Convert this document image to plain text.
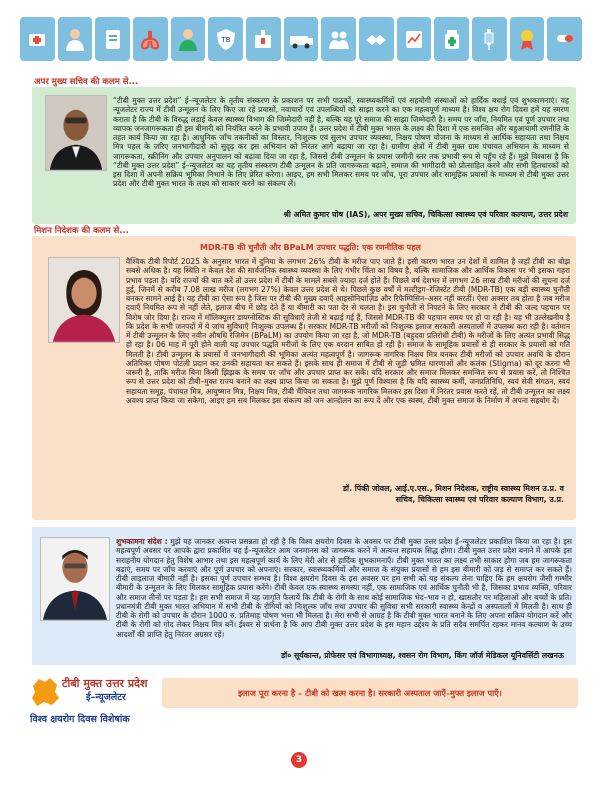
TB
अपर मुख्य सचिव की कलम से...
“टीबी मुक्त उत्तर प्रदेश” ई–न्यूजलेटर के तृतीय संस्करण के प्रकाशन पर सभी पाठकों, स्वास्थ्यकर्मियों एवं सहयोगी संस्थाओं को हार्दिक बधाई एवं शुभकामनाएं। यह न्यूजलेटर राज्य में टीबी उन्मूलन के लिए किए जा रहे प्रयासों, नवाचारों एवं उपलब्धियों को साझा करने का एक महत्वपूर्ण माध्यम है। विश्व क्षय रोग दिवस हमें यह स्मरण कराता है कि टीबी के विरुद्ध लड़ाई केवल स्वास्थ्य विभाग की जिम्मेदारी नहीं है, बल्कि यह पूरे समाज की साझा जिम्मेदारी है। समय पर जाँच, नियमित एवं पूर्ण उपचार तथा व्यापक जनजागरूकता ही इस बीमारी को नियंत्रित करने के प्रभावी उपाय हैं। उत्तर प्रदेश में टीबी मुक्त भारत के लक्ष्य की दिशा में एक समन्वित और बहुआयामी रणनीति के तहत कार्य किया जा रहा है। आधुनिक जाँच तकनीकों का विस्तार, निःशुल्क एवं सुलभ उपचार व्यवस्था, निक्षय पोषण योजना के माध्यम से आर्थिक सहायता तथा निक्षय मित्र पहल के जरिए जनभागीदारी को सुदृढ़ कर इस अभियान को निरंतर आगे बढ़ाया जा रहा है। ग्रामीण क्षेत्रों में टीबी मुक्त ग्राम पंचायत अभियान के माध्यम से जागरूकता, स्क्रीनिंग और उपचार अनुपालन को बढ़ावा दिया जा रहा है, जिससे टीबी उन्मूलन के प्रयास जमीनी स्तर तक प्रभावी रूप से पहुँच रहे हैं। मुझे विश्वास है कि “टीबी मुक्त उत्तर प्रदेश” ई–न्यूजलेटर का यह तृतीय संस्करण टीबी उन्मूलन के प्रति जागरूकता बढ़ाने, समाज की भागीदारी को प्रोत्साहित करने और सभी हितधारकों को इस दिशा में अपनी सक्रिय भूमिका निभाने के लिए प्रेरित करेगा। आइए, हम सभी मिलकर समय पर जाँच, पूरा उपचार और सामूहिक प्रयासों के माध्यम से टीबी मुक्त उत्तर प्रदेश और टीबी मुक्त भारत के लक्ष्य को साकार करने का संकल्प लें।
श्री अमित कुमार घोष (IAS), अपर मुख्य सचिव, चिकित्सा स्वास्थ्य एवं परिवार कल्याण, उत्तर प्रदेश
मिशन निदेशक की कलम से...
MDR-TB की चुनौती और BPaLM उपचार पद्धति: एक रणनीतिक पहल
वैश्विक टीबी रिपोर्ट 2025 के अनुसार भारत में दुनिया के लगभग 26% टीबी के मरीज पाए जाते हैं। इसी कारण भारत उन देशों में शामिल है जहाँ टीबी का बोझ सबसे अधिक है। यह स्थिति न केवल देश की सार्वजनिक स्वास्थ्य व्यवस्था के लिए गंभीर चिंता का विषय है, बल्कि सामाजिक और आर्थिक विकास पर भी इसका गहरा प्रभाव पड़ता है। यदि राज्यों की बात करें तो उत्तर प्रदेश में टीबी के मामले सबसे ज्यादा दर्ज होते हैं। पिछले वर्ष देशभर में लगभग 26 लाख टीबी मरीजों की सूचना दर्ज हुई, जिनमें से करीब 7.08 लाख मरीज (लगभग 27%) केवल उत्तर प्रदेश से थे। पिछले कुछ वर्षों में मल्टीड्रग–रेजिस्टेंट टीबी (MDR-TB) एक बड़ी स्वास्थ्य चुनौती बनकर सामने आई है। यह टीबी का ऐसा रूप है जिस पर टीबी की मुख्य दवाएँ आइसोनियाज़िड और रिफैम्पिसिन–असर नहीं करतीं। ऐसा अक्सर तब होता है जब मरीज दवाएँ नियमित रूप से नहीं लेते, इलाज बीच में छोड़ देते हैं या बीमारी का पता देर से चलता है। इस चुनौती से निपटने के लिए सरकार ने टीबी की जल्द पहचान पर विशेष जोर दिया है। राज्य में मॉलिक्यूलर डायग्नोस्टिक की सुविधाएँ तेजी से बढ़ाई गई हैं, जिससे MDR-TB की पहचान समय पर हो पा रही है। यह भी उल्लेखनीय है कि प्रदेश के सभी जनपदों में ये जांच सुविधाएँ निःशुल्क उपलब्ध हैं। सरकार MDR-TB मरीजों को निःशुल्क इलाज सरकारी अस्पतालों में उपलब्ध करा रही है। वर्तमान में टीबी उन्मूलन के लिए नवीन औषधि रेजिमेन (BPaLM) का उपयोग किया जा रहा है, जो MDR-TB (बहुदवा प्रतिरोधी टीबी) के मरीजों के लिए अत्यंत प्रभावी सिद्ध हो रहा है। 06 माह में पूरी होने वाली यह उपचार पद्धति मरीजों के लिए एक वरदान साबित हो रही है। समाज के सामूहिक प्रयासों से ही सरकार के प्रयासों को गति मिलती है। टीबी उन्मूलन के प्रयासों में जनभागीदारी की भूमिका अत्यंत महत्वपूर्ण है। जागरूक नागरिक निक्षय मित्र बनकर टीबी मरीजों को उपचार अवधि के दौरान अतिरिक्त पोषण पोटली प्रदान कर उनकी सहायता कर सकते हैं। इसके साथ ही समाज में टीबी से जुड़ी भ्रमित धारणाओं और कलंक (Stigma) को दूर करना भी जरूरी है, ताकि मरीज बिना किसी झिझक के समय पर जाँच और उपचार प्राप्त कर सकें। यदि सरकार और समाज मिलकर समन्वित रूप से प्रयास करें, तो निश्चित रूप से उत्तर प्रदेश को टीबी–मुक्त राज्य बनाने का लक्ष्य प्राप्त किया जा सकता है। मुझे पूर्ण विश्वास है कि यदि स्वास्थ्य कर्मी, जनप्रतिनिधि, स्वयं सेवी संगठन, स्वयं सहायता समूह, पंचायत मित्र, आयुष्मान मित्र, निक्षय मित्र, टीबी चैंपियन तथा जागरूक नागरिक मिलकर इस दिशा में निरंतर प्रयास करते रहें, तो टीबी उन्मूलन का लक्ष्य अवश्य प्राप्त किया जा सकेगा, आइए हम सब मिलकर इस संकल्प को जन आन्दोलन का रूप दें और एक स्वस्थ, टीबी मुक्त समाज के निर्माण में अपना सहयोग दें।
डॉ. पिंकी जोवल, आई.ए.एस., मिशन निदेशक, राष्ट्रीय स्वास्थ्य मिशन उ.प्र. व
सचिव, चिकित्सा स्वास्थ्य एवं परिवार कल्याण विभाग, उ.प्र.
शुभकामना संदेश : मुझे यह जानकर अत्यन्त प्रसन्नता हो रही है कि विश्व क्षयरोग दिवस के अवसर पर टीबी मुक्त उत्तर प्रदेश ई–न्यूजलेटर प्रकाशित किया जा रहा है। इस महत्वपूर्ण अवसर पर आपके द्वारा प्रकाशित यह ई–न्यूजलेटर आम जनमानस को जागरूक करने में अत्यन्त सहायक सिद्ध होगा। टीबी मुक्त उत्तर प्रदेश बनाने में आपके इस सराहनीय योगदान हेतु विशेष आभार तथा इस महत्वपूर्ण कार्य के लिए मेरी ओर से हार्दिक शुभकामनाएँ। टीबी मुक्त भारत का लक्ष्य तभी साकार होगा जब हम जागरूकता बढ़ाएं, समय पर जाँच करवाएं और पूर्ण उपचार को अपनाएं। सरकार, स्वास्थ्यकर्मियों और समाज के संयुक्त प्रयासों से हम इस बीमारी को जड़ से समाप्त कर सकते हैं। टीबी लाइलाज बीमारी नहीं है। इसका पूर्ण उपचार सम्भव है। विश्व क्षयरोग दिवस के इस अवसर पर हम सभी को यह संकल्प लेना चाहिए कि हम क्षयरोग जैसी गम्भीर बीमारी के उन्मूलन के लिए मिलकर सामूहिक प्रयास करेंगे। टीबी केवल एक स्वास्थ्य समस्या नहीं, एक सामाजिक एवं आर्थिक चुनौती भी है, जिसका प्रभाव व्यक्ति, परिवार और समाज तीनों पर पड़ता है। हम सभी समाज में यह जागृति फैलायें कि टीबी के रोगी के साथ कोई सामाजिक भेद–भाव न हो, खासतौर पर महिलाओं और बच्चों के प्रति। प्रधानमंत्री टीबी मुक्त भारत अभियान में सभी टीबी के रोगियों को निःशुल्क जाँच तथा उपचार की सुविधा सभी सरकारी स्वास्थ्य केन्द्रों व अस्पतालों में मिलती है। साथ ही टीबी के रोगी को उपचार के दौरान 1000 रु. प्रतिमाह पोषण भत्ता भी मिलता है। मेरा सभी से आग्रह है कि टीबी मुक्त भारत बनाने के लिए अपना सक्रिय योगदान करें और टीबी के रोगी को गोद लेकर निक्षय मित्र बनें। ईश्वर से प्रार्थना है कि आप टीबी मुक्त उत्तर प्रदेश के इस महान उद्देश्य के प्रति सदैव समर्पित रहकर मानव कल्याण के उच्च आदर्शों की प्राप्ति हेतु निरंतर अग्रसर रहें।
डॉ० सूर्यकान्त, प्रोफेसर एवं विभागाध्यक्ष, श्वसन रोग विभाग, किंग जॉर्ज मेडिकल यूनिवर्सिटी लखनऊ
टीबी मुक्त उत्तर प्रदेश
ई–न्यूजलेटर
विश्व क्षयरोग दिवस विशेषांक
इलाज पूरा करना है – टीबी को खत्म करना है। सरकारी अस्पताल जाएँ–मुफ्त इलाज पाएँ।
3
